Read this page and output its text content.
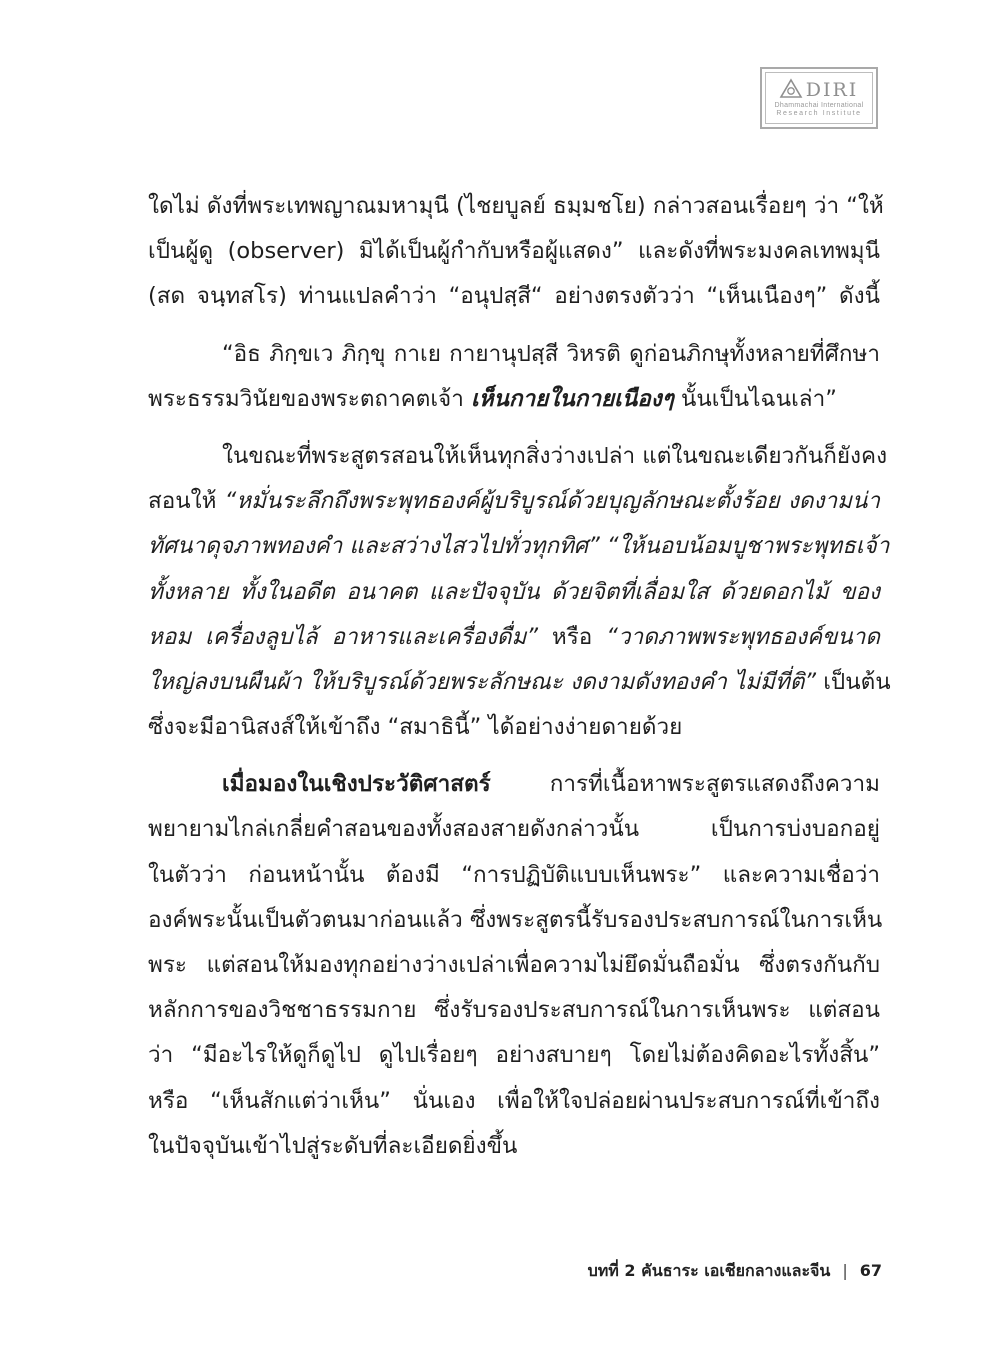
DIRI
Dhammachai International
Research Institute
ใดไม่ ดังที่พระเทพญาณมหามุนี (ไชยบูลย์ ธมฺมชโย) กล่าวสอนเรื่อยๆ ว่า “ให้
เป็นผู้ดู (observer) มิได้เป็นผู้กำกับหรือผู้แสดง” และดังที่พระมงคลเทพมุนี
(สด จนฺทสโร) ท่านแปลคำว่า “อนุปสฺสี“ อย่างตรงตัวว่า “เห็นเนืองๆ” ดังนี้
“อิธ ภิกฺขเว ภิกฺขุ กาเย กายานุปสฺสี วิหรติ ดูก่อนภิกษุทั้งหลายที่ศึกษา
พระธรรมวินัยของพระตถาคตเจ้า เห็นกายในกายเนืองๆ นั้นเป็นไฉนเล่า”
ในขณะที่พระสูตรสอนให้เห็นทุกสิ่งว่างเปล่า แต่ในขณะเดียวกันก็ยังคง
สอนให้ “หมั่นระลึกถึงพระพุทธองค์ผู้บริบูรณ์ด้วยบุญลักษณะตั้งร้อย งดงามน่า
ทัศนาดุจภาพทองคำ และสว่างไสวไปทั่วทุกทิศ” “ให้นอบน้อมบูชาพระพุทธเจ้า
ทั้งหลาย ทั้งในอดีต อนาคต และปัจจุบัน ด้วยจิตที่เลื่อมใส ด้วยดอกไม้ ของ
หอม เครื่องลูบไล้ อาหารและเครื่องดื่ม” หรือ “วาดภาพพระพุทธองค์ขนาด
ใหญ่ลงบนผืนผ้า ให้บริบูรณ์ด้วยพระลักษณะ งดงามดังทองคำ ไม่มีที่ติ” เป็นต้น
ซึ่งจะมีอานิสงส์ให้เข้าถึง “สมาธินี้” ได้อย่างง่ายดายด้วย
เมื่อมองในเชิงประวัติศาสตร์ การที่เนื้อหาพระสูตรแสดงถึงความ
พยายามไกล่เกลี่ยคำสอนของทั้งสองสายดังกล่าวนั้น เป็นการบ่งบอกอยู่
ในตัวว่า ก่อนหน้านั้น ต้องมี “การปฏิบัติแบบเห็นพระ” และความเชื่อว่า
องค์พระนั้นเป็นตัวตนมาก่อนแล้ว ซึ่งพระสูตรนี้รับรองประสบการณ์ในการเห็น
พระ แต่สอนให้มองทุกอย่างว่างเปล่าเพื่อความไม่ยึดมั่นถือมั่น ซึ่งตรงกันกับ
หลักการของวิชชาธรรมกาย ซึ่งรับรองประสบการณ์ในการเห็นพระ แต่สอน
ว่า “มีอะไรให้ดูก็ดูไป ดูไปเรื่อยๆ อย่างสบายๆ โดยไม่ต้องคิดอะไรทั้งสิ้น”
หรือ “เห็นสักแต่ว่าเห็น” นั่นเอง เพื่อให้ใจปล่อยผ่านประสบการณ์ที่เข้าถึง
ในปัจจุบันเข้าไปสู่ระดับที่ละเอียดยิ่งขึ้น
บทที่ 2 คันธาระ เอเชียกลางและจีน | 67
